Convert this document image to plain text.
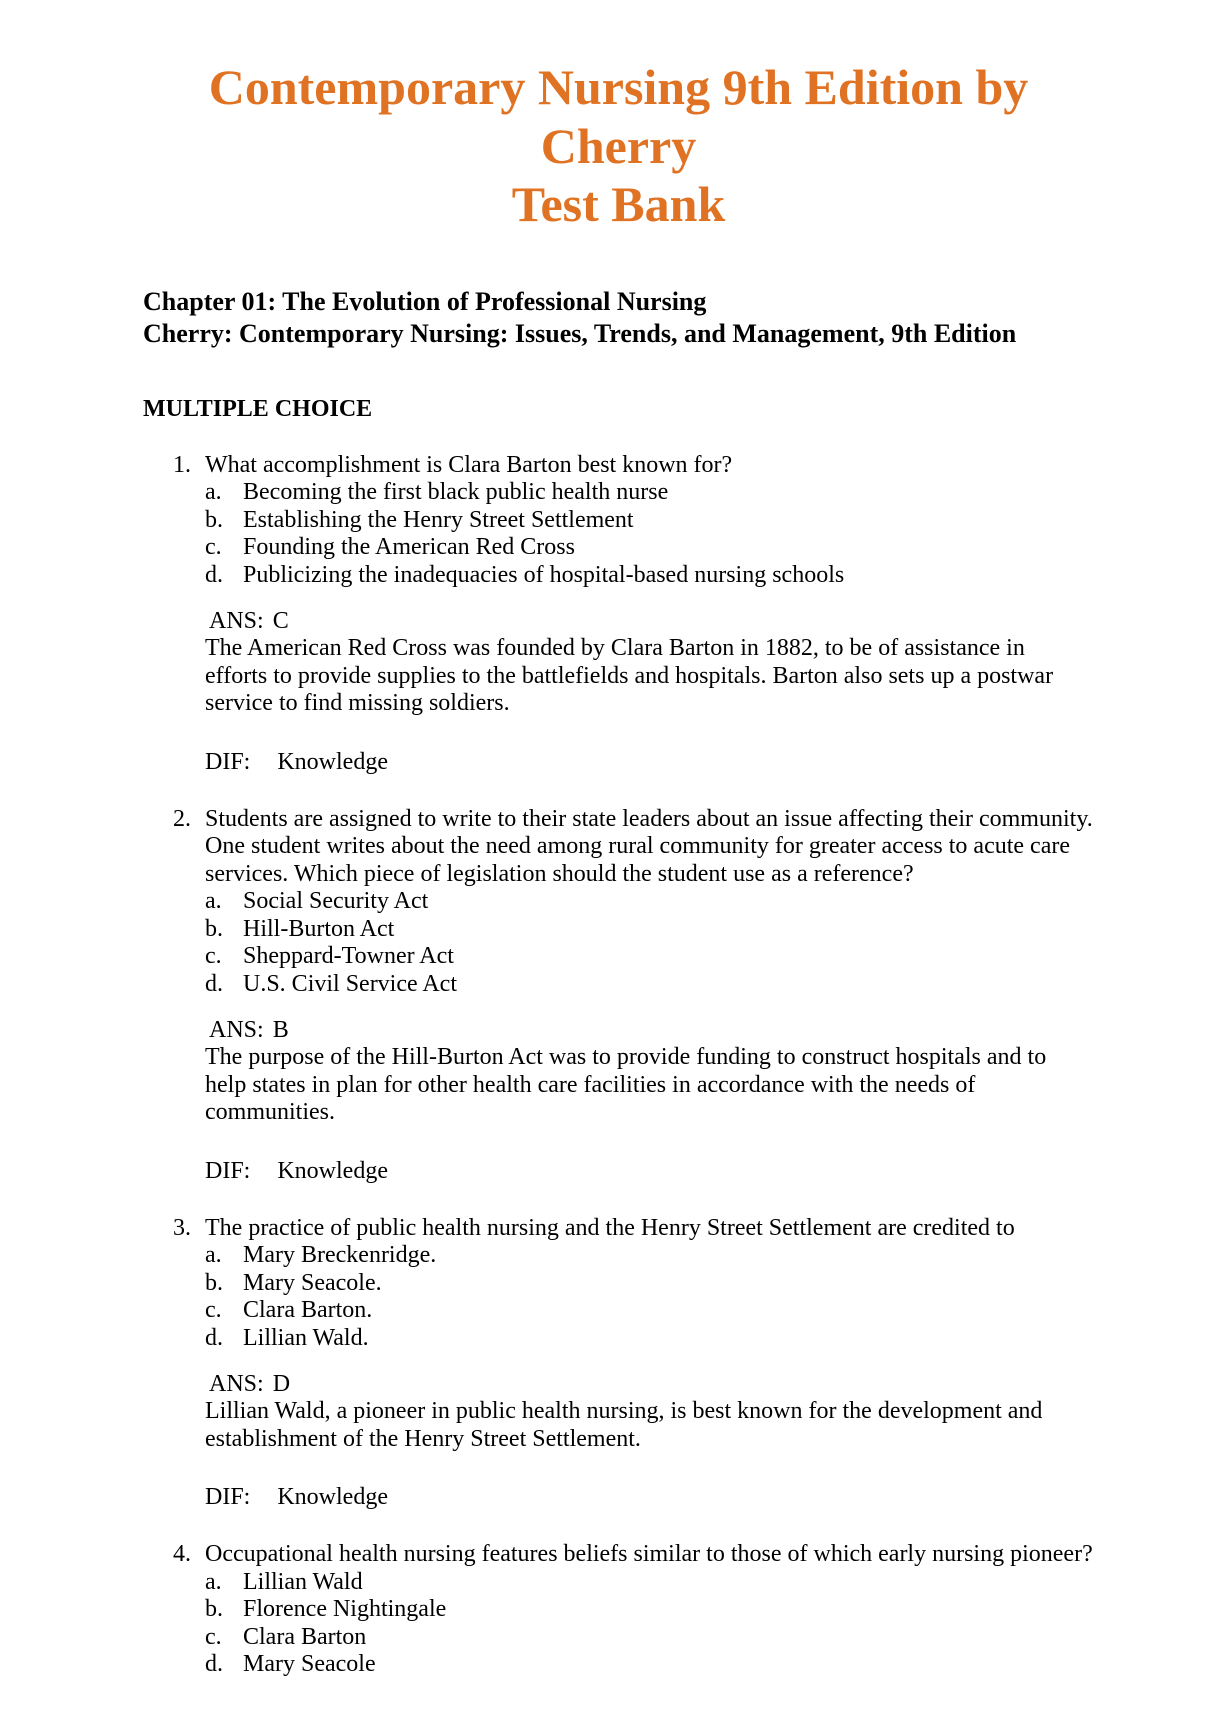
Contemporary Nursing 9th Edition by Cherry
Test Bank
Chapter 01: The Evolution of Professional Nursing
Cherry: Contemporary Nursing: Issues, Trends, and Management, 9th Edition
MULTIPLE CHOICE
1. What accomplishment is Clara Barton best known for?
a. Becoming the first black public health nurse
b. Establishing the Henry Street Settlement
c. Founding the American Red Cross
d. Publicizing the inadequacies of hospital-based nursing schools
ANS: C
The American Red Cross was founded by Clara Barton in 1882, to be of assistance in efforts to provide supplies to the battlefields and hospitals. Barton also sets up a postwar service to find missing soldiers.
DIF: Knowledge
2. Students are assigned to write to their state leaders about an issue affecting their community. One student writes about the need among rural community for greater access to acute care services. Which piece of legislation should the student use as a reference?
a. Social Security Act
b. Hill-Burton Act
c. Sheppard-Towner Act
d. U.S. Civil Service Act
ANS: B
The purpose of the Hill-Burton Act was to provide funding to construct hospitals and to help states in plan for other health care facilities in accordance with the needs of communities.
DIF: Knowledge
3. The practice of public health nursing and the Henry Street Settlement are credited to
a. Mary Breckenridge.
b. Mary Seacole.
c. Clara Barton.
d. Lillian Wald.
ANS: D
Lillian Wald, a pioneer in public health nursing, is best known for the development and establishment of the Henry Street Settlement.
DIF: Knowledge
4. Occupational health nursing features beliefs similar to those of which early nursing pioneer?
a. Lillian Wald
b. Florence Nightingale
c. Clara Barton
d. Mary Seacole
